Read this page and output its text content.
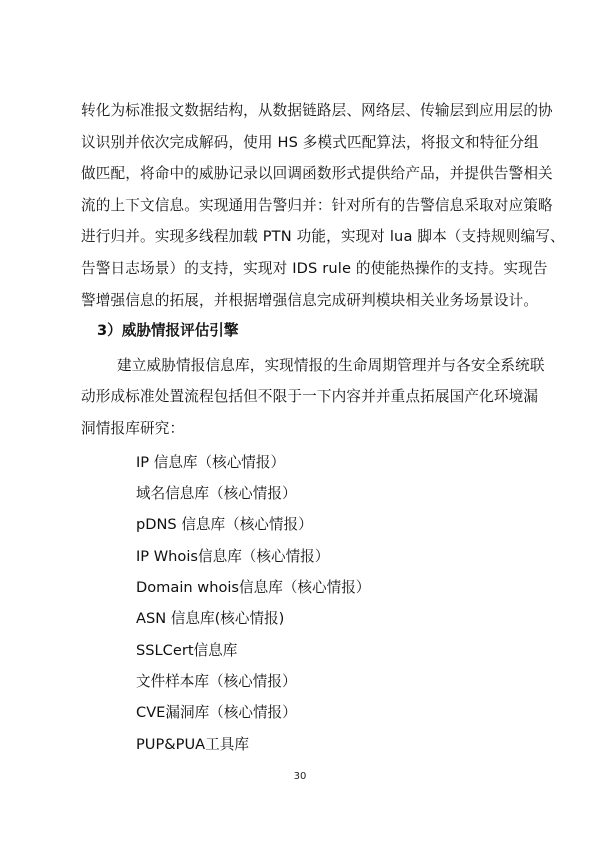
转化为标准报文数据结构，从数据链路层、网络层、传输层到应用层的协
议识别并依次完成解码，使用 HS 多模式匹配算法，将报文和特征分组
做匹配，将命中的威胁记录以回调函数形式提供给产品，并提供告警相关
流的上下文信息。实现通用告警归并：针对所有的告警信息采取对应策略
进行归并。实现多线程加载 PTN 功能，实现对 lua 脚本（支持规则编写、
告警日志场景）的支持，实现对 IDS rule 的使能热操作的支持。实现告
警增强信息的拓展，并根据增强信息完成研判模块相关业务场景设计。
3）威胁情报评估引擎
建立威胁情报信息库，实现情报的生命周期管理并与各安全系统联
动形成标准处置流程包括但不限于一下内容并并重点拓展国产化环境漏
洞情报库研究：
IP 信息库（核心情报）
域名信息库（核心情报）
pDNS 信息库（核心情报）
IP Whois信息库（核心情报）
Domain whois信息库（核心情报）
ASN 信息库(核心情报)
SSLCert信息库
文件样本库（核心情报）
CVE漏洞库（核心情报）
PUP&PUA工具库
30
